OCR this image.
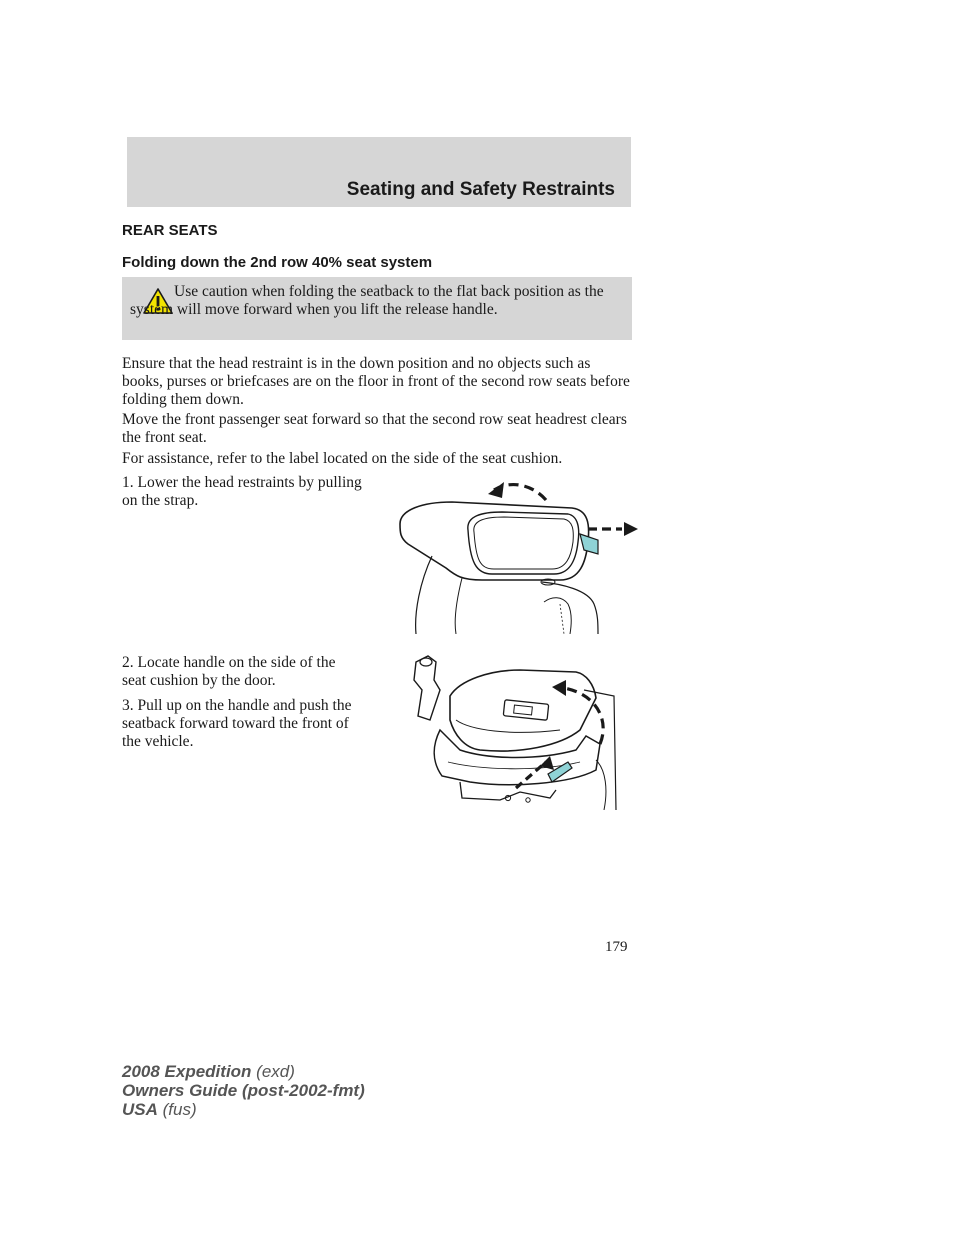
Seating and Safety Restraints
REAR SEATS
Folding down the 2nd row 40% seat system
Use caution when folding the seatback to the flat back position as the system will move forward when you lift the release handle.

Ensure that the head restraint is in the down position and no objects such as books, purses or briefcases are on the floor in front of the second row seats before folding them down.

Move the front passenger seat forward so that the second row seat headrest clears the front seat.

For assistance, refer to the label located on the side of the seat cushion.

1. Lower the head restraints by pulling on the strap.

2. Locate handle on the side of the seat cushion by the door.

3. Pull up on the handle and push the seatback forward toward the front of the vehicle.

179
2008 Expedition (exd)
Owners Guide (post-2002-fmt)
USA (fus)
